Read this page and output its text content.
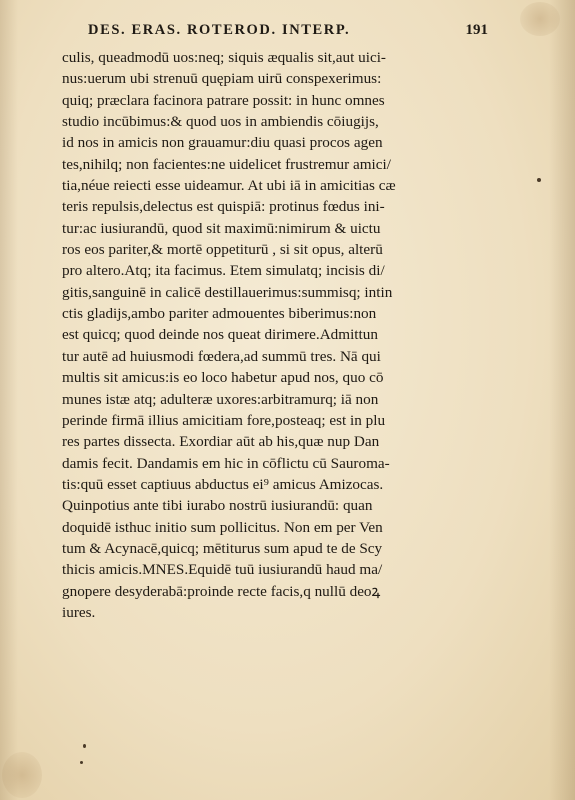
DES. ERAS. ROTEROD. INTERP.	191
culis, queadmodū uos:neq; siquis æqualis sit,aut uici-
nus:uerum ubi strenuū quępiam uirū conspexerimus:
quiq; præclara facinora patrare possit: in hunc omnes
studio incūbimus:& quod uos in ambiendis cōiugijs,
id nos in amicis non grauamur:diu quasi procos agen
tes,nihilq; non facientes:ne uidelicet frustremur amici/
tia,néue reiecti esse uideamur. At ubi iā in amicitias cæ
teris repulsis,delectus est quispiā: protinus fœdus ini-
tur:ac iusiurandū, quod sit maximū:nimirum & uictu
ros eos pariter,& mortē oppetiturū , si sit opus, alterū
pro altero.Atq; ita facimus. Etem simulatq; incisis di/
gitis,sanguinē in calicē destillauerimus:summisq; intin
ctis gladijs,ambo pariter admouentes biberimus:non
est quicq; quod deinde nos queat dirimere.Admittun
tur autē ad huiusmodi fœdera,ad summū tres. Nā qui
multis sit amicus:is eo loco habetur apud nos, quo cō
munes istæ atq; adulteræ uxores:arbitramurq; iā non
perinde firmā illius amicitiam fore,posteaq; est in plu
res partes dissecta. Exordiar aūt ab his,quæ nup Dan
damis fecit. Dandamis em hic in cōflictu cū Sauroma-
tis:quū esset captiuus abductus ei⁹ amicus Amizocas.
Quinpotius ante tibi iurabo nostrū iusiurandū: quan
doquidē isthuc initio sum pollicitus. Non em per Ven
tum & Acynacē,quicq; mētiturus sum apud te de Scy
thicis amicis.MNES.Equidē tuū iusiurandū haud ma/
gnopere desyderabā:proinde recte facis,q nullū deoꝝ
iures.
